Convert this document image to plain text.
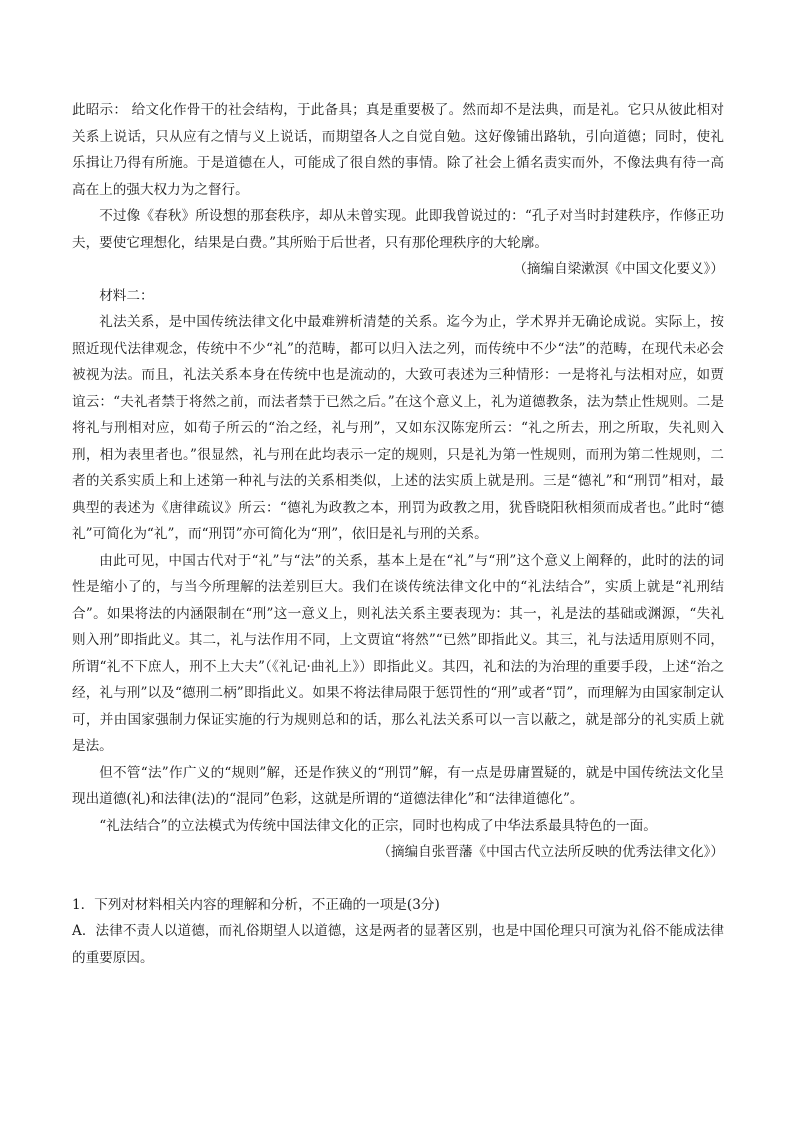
此昭示： 给文化作骨干的社会结构，于此备具；真是重要极了。然而却不是法典，而是礼。它只从彼此相对关系上说话，只从应有之情与义上说话，而期望各人之自觉自勉。这好像铺出路轨，引向道德；同时，使礼乐揖让乃得有所施。于是道德在人，可能成了很自然的事情。除了社会上循名责实而外，不像法典有待一高高在上的强大权力为之督行。

不过像《春秋》所设想的那套秩序，却从未曾实现。此即我曾说过的：“孔子对当时封建秩序，作修正功夫，要使它理想化，结果是白费。”其所贻于后世者，只有那伦理秩序的大轮廓。

（摘编自梁漱溟《中国文化要义》）

材料二：

礼法关系，是中国传统法律文化中最难辨析清楚的关系。迄今为止，学术界并无确论成说。实际上，按照近现代法律观念，传统中不少“礼”的范畴，都可以归入法之列，而传统中不少“法”的范畴，在现代未必会被视为法。而且，礼法关系本身在传统中也是流动的，大致可表述为三种情形：一是将礼与法相对应，如贾谊云：“夫礼者禁于将然之前，而法者禁于已然之后。”在这个意义上，礼为道德教条，法为禁止性规则。二是将礼与刑相对应，如荀子所云的“治之经，礼与刑”，又如东汉陈宠所云：“礼之所去，刑之所取，失礼则入刑，相为表里者也。”很显然，礼与刑在此均表示一定的规则，只是礼为第一性规则，而刑为第二性规则，二者的关系实质上和上述第一种礼与法的关系相类似，上述的法实质上就是刑。三是“德礼”和“刑罚”相对，最典型的表述为《唐律疏议》所云：“德礼为政教之本，刑罚为政教之用，犹昏晓阳秋相须而成者也。”此时“德礼”可简化为“礼”，而“刑罚”亦可简化为“刑”，依旧是礼与刑的关系。

由此可见，中国古代对于“礼”与“法”的关系，基本上是在“礼”与“刑”这个意义上阐释的，此时的法的词性是缩小了的，与当今所理解的法差别巨大。我们在谈传统法律文化中的“礼法结合”，实质上就是“礼刑结合”。如果将法的内涵限制在“刑”这一意义上，则礼法关系主要表现为：其一，礼是法的基础或渊源，“失礼则入刑”即指此义。其二，礼与法作用不同，上文贾谊“将然”“已然”即指此义。其三，礼与法适用原则不同，所谓“礼不下庶人，刑不上大夫”（《礼记·曲礼上》）即指此义。其四，礼和法的为治理的重要手段，上述“治之经，礼与刑”以及“德刑二柄”即指此义。如果不将法律局限于惩罚性的“刑”或者“罚”，而理解为由国家制定认可，并由国家强制力保证实施的行为规则总和的话，那么礼法关系可以一言以蔽之，就是部分的礼实质上就是法。

但不管“法”作广义的“规则”解，还是作狭义的“刑罚”解，有一点是毋庸置疑的，就是中国传统法文化呈现出道德(礼)和法律(法)的“混同”色彩，这就是所谓的“道德法律化”和“法律道德化”。

“礼法结合”的立法模式为传统中国法律文化的正宗，同时也构成了中华法系最具特色的一面。

（摘编自张晋藩《中国古代立法所反映的优秀法律文化》）

1．下列对材料相关内容的理解和分析，不正确的一项是(3分)

A．法律不责人以道德，而礼俗期望人以道德，这是两者的显著区别，也是中国伦理只可演为礼俗不能成法律的重要原因。
